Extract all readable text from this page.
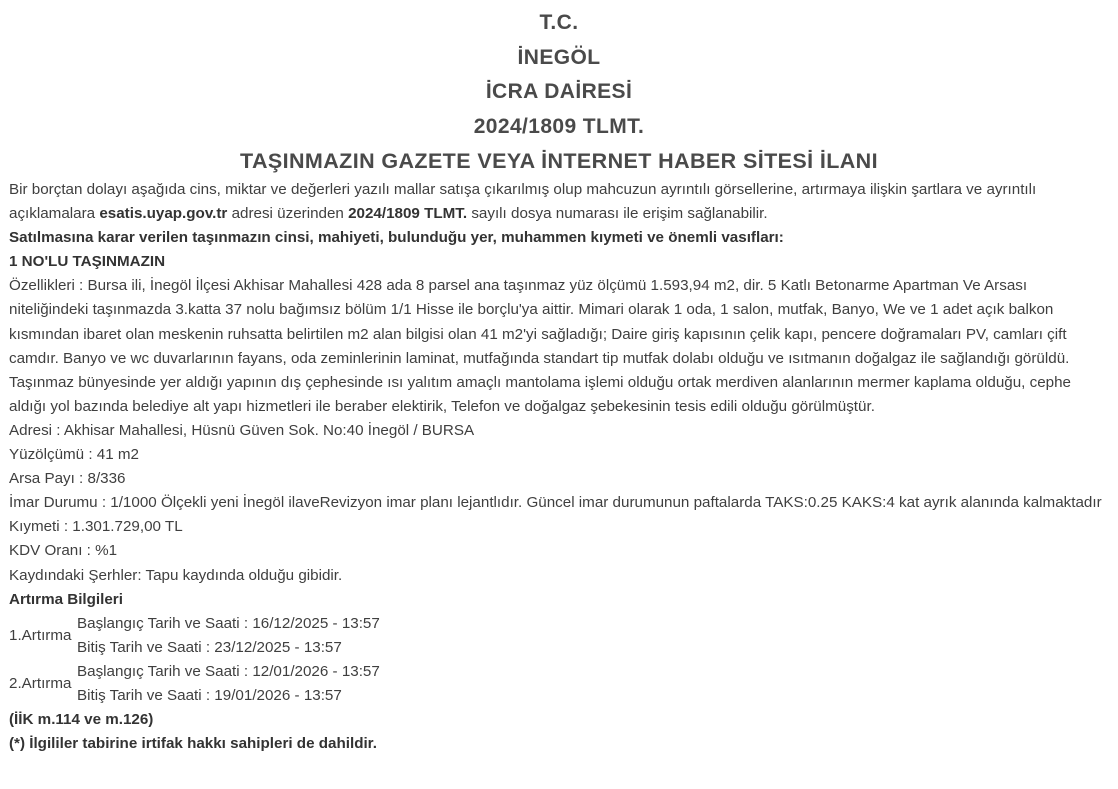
T.C.
İNEGÖL
İCRA DAİRESİ
2024/1809 TLMT.
TAŞINMAZIN GAZETE VEYA İNTERNET HABER SİTESİ İLANI

Bir borçtan dolayı aşağıda cins, miktar ve değerleri yazılı mallar satışa çıkarılmış olup mahcuzun ayrıntılı görsellerine, artırmaya ilişkin şartlara ve ayrıntılı açıklamalara esatis.uyap.gov.tr adresi üzerinden 2024/1809 TLMT. sayılı dosya numarası ile erişim sağlanabilir.

Satılmasına karar verilen taşınmazın cinsi, mahiyeti, bulunduğu yer, muhammen kıymeti ve önemli vasıfları:

1 NO'LU TAŞINMAZIN

Özellikleri : Bursa ili, İnegöl İlçesi Akhisar Mahallesi 428 ada 8 parsel ana taşınmaz yüz ölçümü 1.593,94 m2, dir. 5 Katlı Betonarme Apartman Ve Arsası niteliğindeki taşınmazda 3.katta 37 nolu bağımsız bölüm 1/1 Hisse ile borçlu'ya aittir. Mimari olarak 1 oda, 1 salon, mutfak, Banyo, We ve 1 adet açık balkon kısmından ibaret olan meskenin ruhsatta belirtilen m2 alan bilgisi olan 41 m2'yi sağladığı; Daire giriş kapısının çelik kapı, pencere doğramaları PV, camları çift camdır. Banyo ve wc duvarlarının fayans, oda zeminlerinin laminat, mutfağında standart tip mutfak dolabı olduğu ve ısıtmanın doğalgaz ile sağlandığı görüldü. Taşınmaz bünyesinde yer aldığı yapının dış çephesinde ısı yalıtım amaçlı mantolama işlemi olduğu ortak merdiven alanlarının mermer kaplama olduğu, cephe aldığı yol bazında belediye alt yapı hizmetleri ile beraber elektirik, Telefon ve doğalgaz şebekesinin tesis edili olduğu görülmüştür.

Adresi : Akhisar Mahallesi, Hüsnü Güven Sok. No:40 İnegöl / BURSA

Yüzölçümü : 41 m2

Arsa Payı : 8/336

İmar Durumu : 1/1000 Ölçekli yeni İnegöl ilaveRevizyon imar planı lejantlıdır. Güncel imar durumunun paftalarda TAKS:0.25 KAKS:4 kat ayrık alanında kalmaktadır

Kıymeti : 1.301.729,00 TL

KDV Oranı : %1

Kaydındaki Şerhler: Tapu kaydında olduğu gibidir.

Artırma Bilgileri

1.Artırma
Başlangıç Tarih ve Saati : 16/12/2025 - 13:57
Bitiş Tarih ve Saati : 23/12/2025 - 13:57
2.Artırma
Başlangıç Tarih ve Saati : 12/01/2026 - 13:57
Bitiş Tarih ve Saati : 19/01/2026 - 13:57

(İİK m.114 ve m.126)

(*) İlgililer tabirine irtifak hakkı sahipleri de dahildir.
